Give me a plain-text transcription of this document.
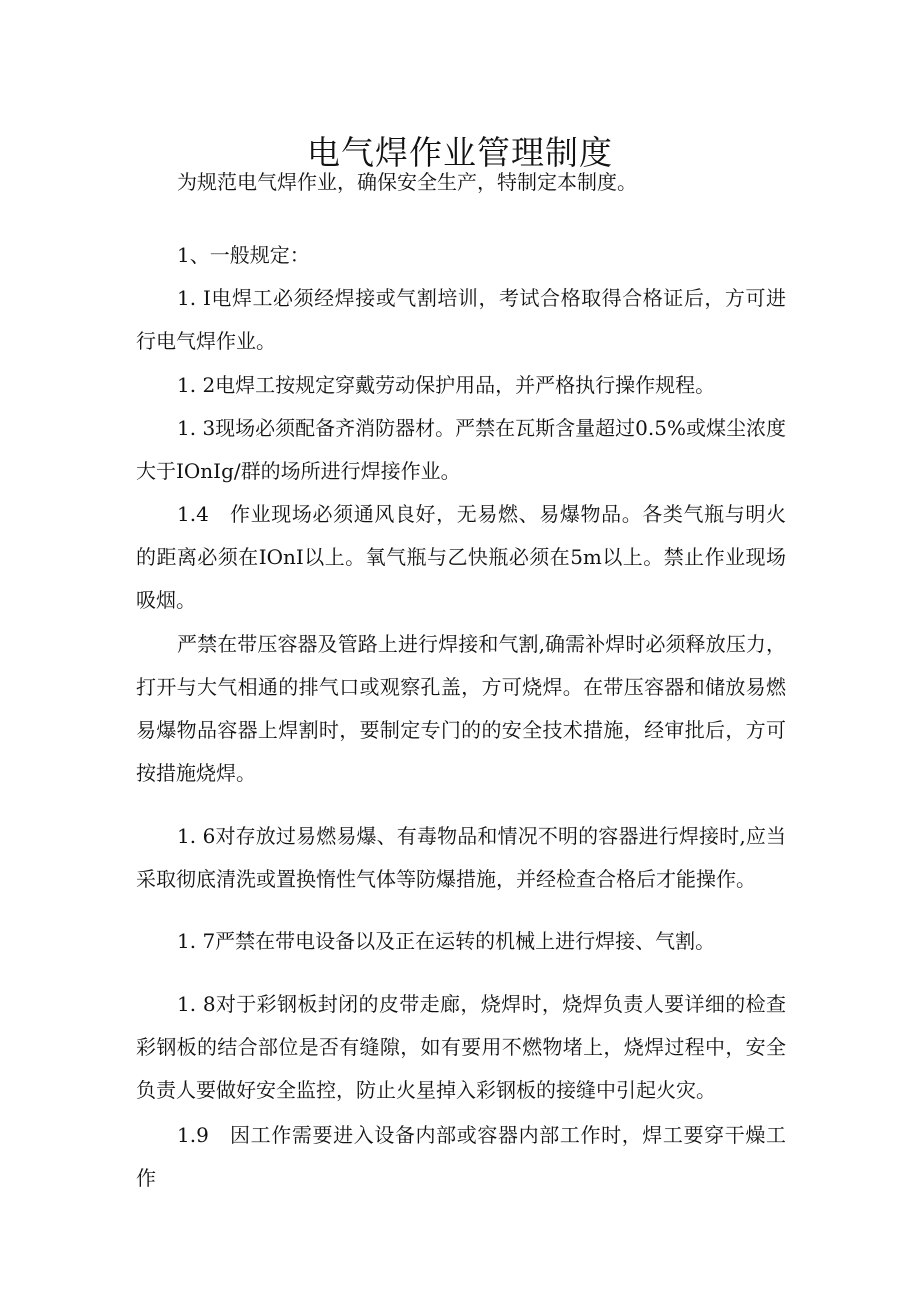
电气焊作业管理制度

为规范电气焊作业，确保安全生产，特制定本制度。

1、一般规定：

1. I电焊工必须经焊接或气割培训，考试合格取得合格证后，方可进行电气焊作业。

1. 2电焊工按规定穿戴劳动保护用品，并严格执行操作规程。

1. 3现场必须配备齐消防器材。严禁在瓦斯含量超过0.5%或煤尘浓度大于IOnIg/群的场所进行焊接作业。

1.4　作业现场必须通风良好，无易燃、易爆物品。各类气瓶与明火的距离必须在IOnI以上。氧气瓶与乙快瓶必须在5m以上。禁止作业现场吸烟。

严禁在带压容器及管路上进行焊接和气割,确需补焊时必须释放压力，打开与大气相通的排气口或观察孔盖，方可烧焊。在带压容器和储放易燃易爆物品容器上焊割时，要制定专门的的安全技术措施，经审批后，方可按措施烧焊。

1. 6对存放过易燃易爆、有毒物品和情况不明的容器进行焊接时,应当采取彻底清洗或置换惰性气体等防爆措施，并经检查合格后才能操作。

1. 7严禁在带电设备以及正在运转的机械上进行焊接、气割。

1. 8对于彩钢板封闭的皮带走廊，烧焊时，烧焊负责人要详细的检查彩钢板的结合部位是否有缝隙，如有要用不燃物堵上，烧焊过程中，安全负责人要做好安全监控，防止火星掉入彩钢板的接缝中引起火灾。

1.9　因工作需要进入设备内部或容器内部工作时，焊工要穿干燥工作
